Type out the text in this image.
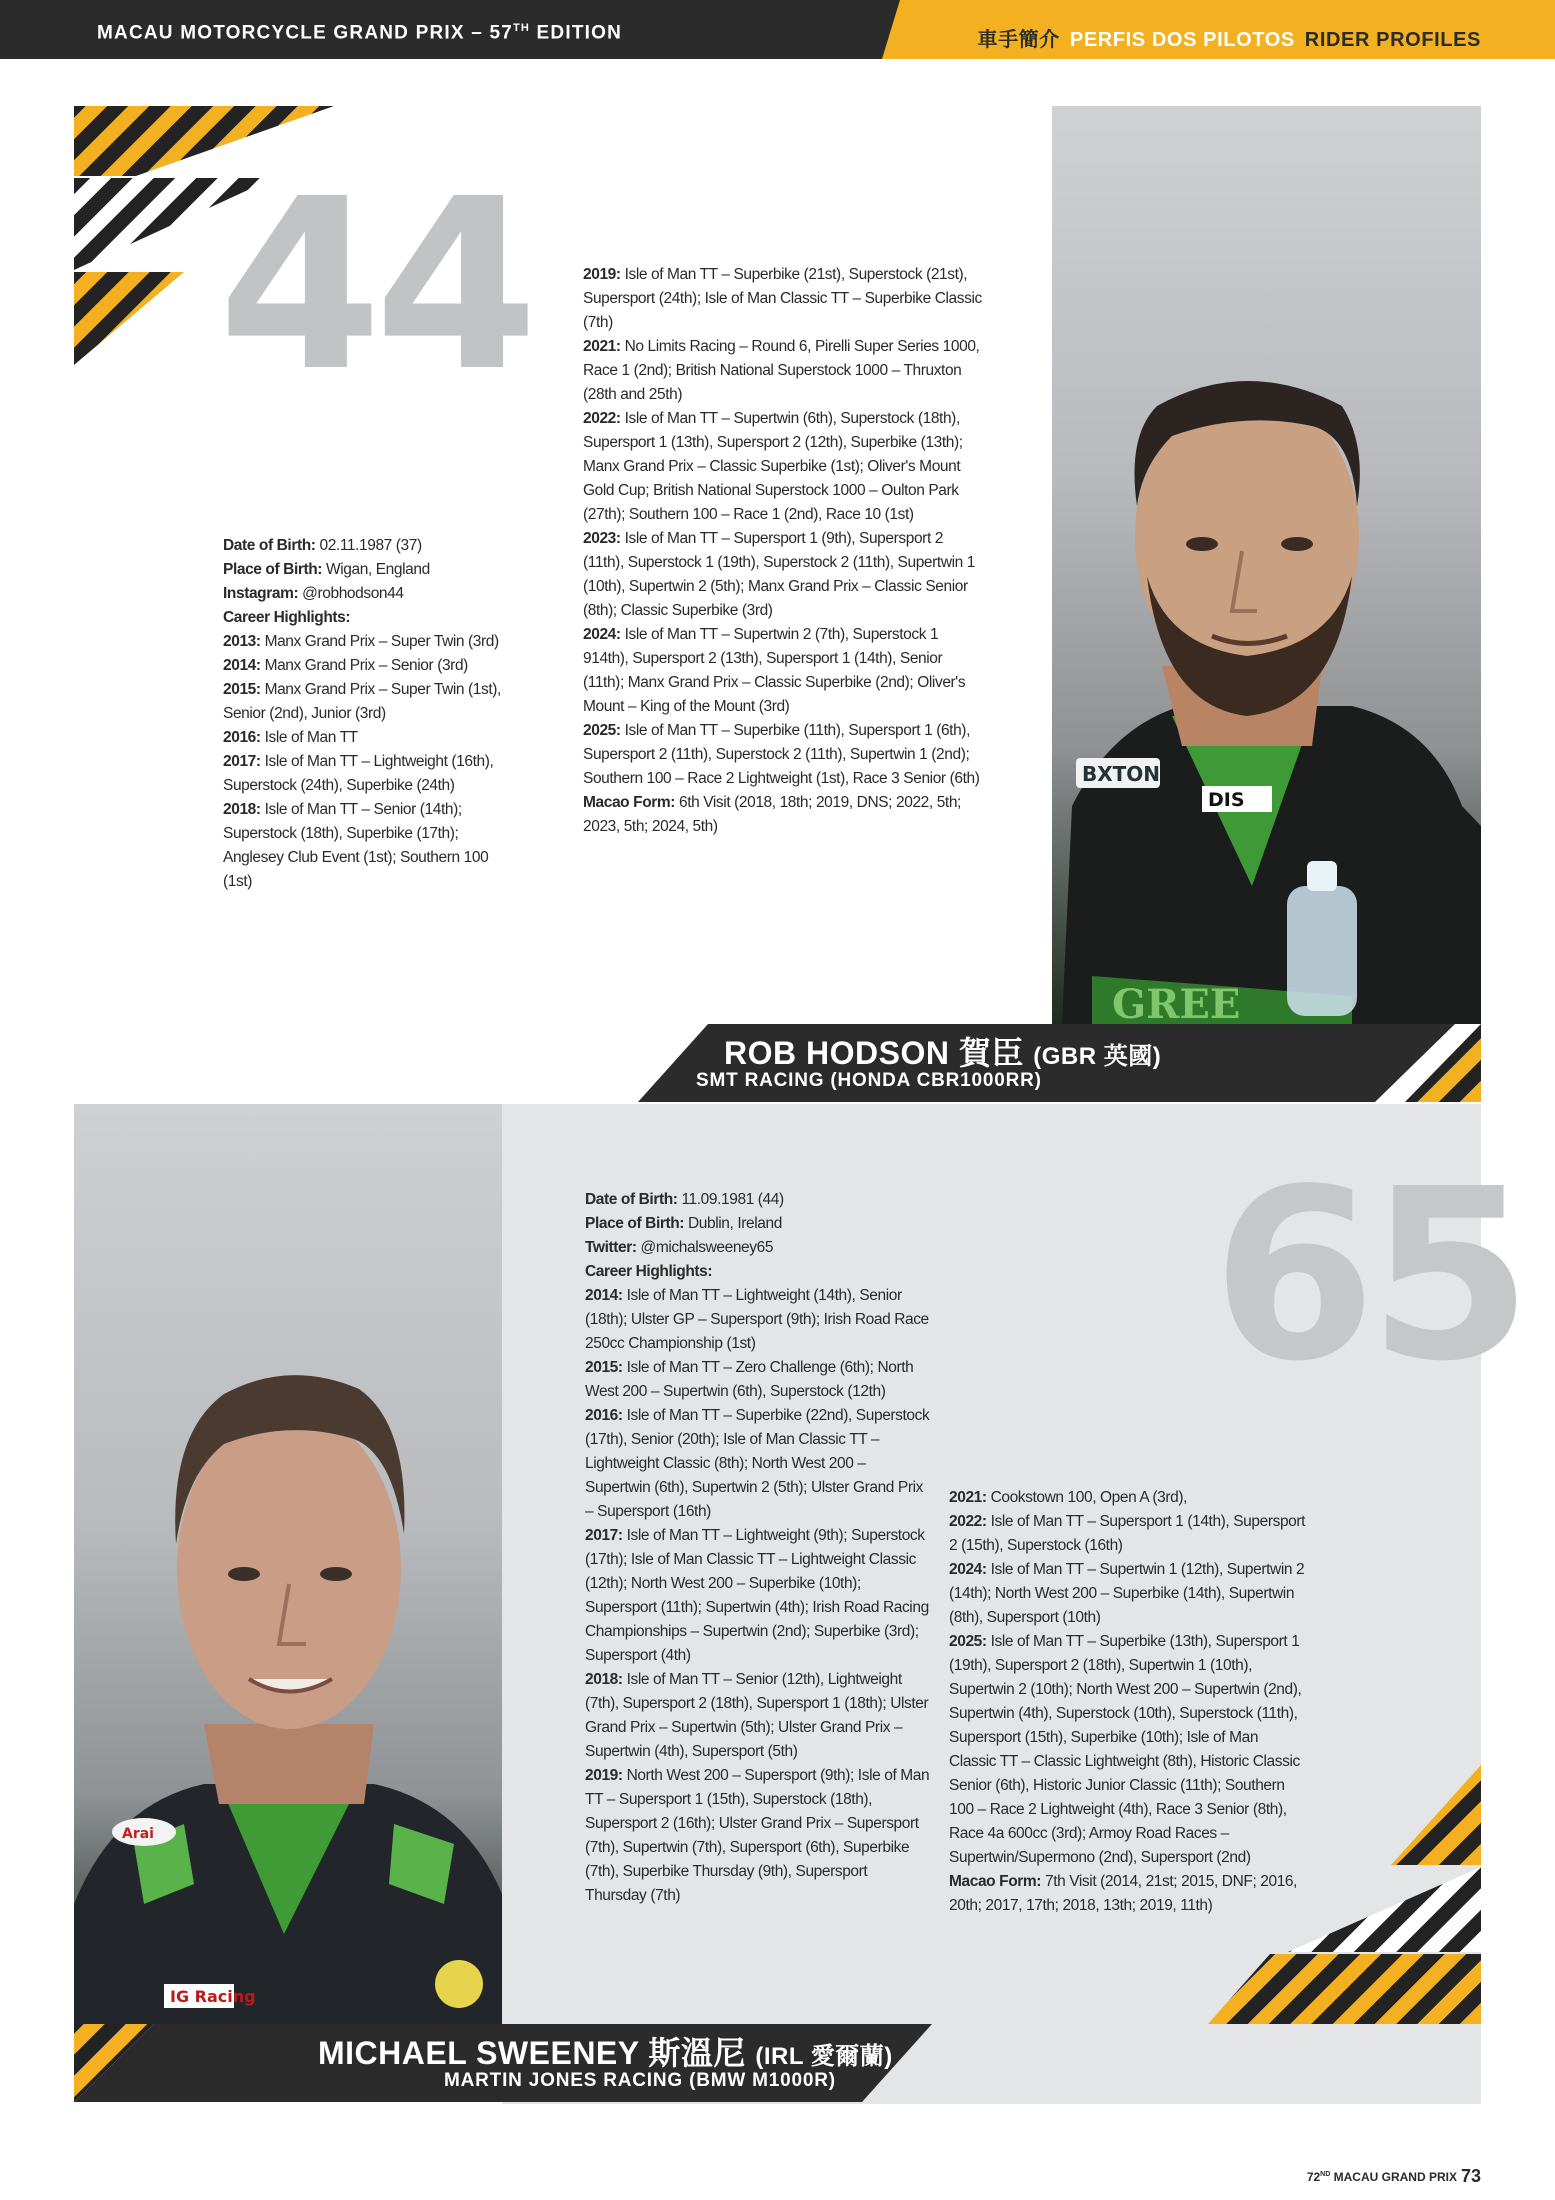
MACAU MOTORCYCLE GRAND PRIX – 57TH EDITION	車手簡介 PERFIS DOS PILOTOS RIDER PROFILES
44

Date of Birth: 02.11.1987 (37)

Place of Birth: Wigan, England

Instagram: @robhodson44

Career Highlights:

2013: Manx Grand Prix – Super Twin (3rd)

2014: Manx Grand Prix – Senior (3rd)

2015: Manx Grand Prix – Super Twin (1st), Senior (2nd), Junior (3rd)

2016: Isle of Man TT

2017: Isle of Man TT – Lightweight (16th), Superstock (24th), Superbike (24th)

2018: Isle of Man TT – Senior (14th); Superstock (18th), Superbike (17th); Anglesey Club Event (1st); Southern 100 (1st)

2019: Isle of Man TT – Superbike (21st), Superstock (21st), Supersport (24th); Isle of Man Classic TT – Superbike Classic (7th)

2021: No Limits Racing – Round 6, Pirelli Super Series 1000, Race 1 (2nd); British National Superstock 1000 – Thruxton (28th and 25th)

2022: Isle of Man TT – Supertwin (6th), Superstock (18th), Supersport 1 (13th), Supersport 2 (12th), Superbike (13th); Manx Grand Prix – Classic Superbike (1st); Oliver's Mount Gold Cup; British National Superstock 1000 – Oulton Park (27th); Southern 100 – Race 1 (2nd), Race 10 (1st)

2023: Isle of Man TT – Supersport 1 (9th), Supersport 2 (11th), Superstock 1 (19th), Superstock 2 (11th), Supertwin 1 (10th), Supertwin 2 (5th); Manx Grand Prix – Classic Senior (8th); Classic Superbike (3rd)

2024: Isle of Man TT – Supertwin 2 (7th), Superstock 1 914th), Supersport 2 (13th), Supersport 1 (14th), Senior (11th); Manx Grand Prix – Classic Superbike (2nd); Oliver's Mount – King of the Mount (3rd)

2025: Isle of Man TT – Superbike (11th), Supersport 1 (6th), Supersport 2 (11th), Superstock 2 (11th), Supertwin 1 (2nd); Southern 100 – Race 2 Lightweight (1st), Race 3 Senior (6th)

Macao Form: 6th Visit (2018, 18th; 2019, DNS; 2022, 5th; 2023, 5th; 2024, 5th)

GREE
BXTON
DIS
ROB HODSON 賀臣 (GBR 英國)
SMT RACING (HONDA CBR1000RR)
65
Arai
IG Racing

Date of Birth: 11.09.1981 (44)

Place of Birth: Dublin, Ireland

Twitter: @michalsweeney65

Career Highlights:

2014: Isle of Man TT – Lightweight (14th), Senior (18th); Ulster GP – Supersport (9th); Irish Road Race 250cc Championship (1st)

2015: Isle of Man TT – Zero Challenge (6th); North West 200 – Supertwin (6th), Superstock (12th)

2016: Isle of Man TT – Superbike (22nd), Superstock (17th), Senior (20th); Isle of Man Classic TT – Lightweight Classic (8th); North West 200 – Supertwin (6th), Supertwin 2 (5th); Ulster Grand Prix – Supersport (16th)

2017: Isle of Man TT – Lightweight (9th); Superstock (17th); Isle of Man Classic TT – Lightweight Classic (12th); North West 200 – Superbike (10th); Supersport (11th); Supertwin (4th); Irish Road Racing Championships – Supertwin (2nd); Superbike (3rd); Supersport (4th)

2018: Isle of Man TT – Senior (12th), Lightweight (7th), Supersport 2 (18th), Supersport 1 (18th); Ulster Grand Prix – Supertwin (5th); Ulster Grand Prix – Supertwin (4th), Supersport (5th)

2019: North West 200 – Supersport (9th); Isle of Man TT – Supersport 1 (15th), Superstock (18th), Supersport 2 (16th); Ulster Grand Prix – Supersport (7th), Supertwin (7th), Supersport (6th), Superbike (7th), Superbike Thursday (9th), Supersport Thursday (7th)

2021: Cookstown 100, Open A (3rd),

2022: Isle of Man TT – Supersport 1 (14th), Supersport 2 (15th), Superstock (16th)

2024: Isle of Man TT – Supertwin 1 (12th), Supertwin 2 (14th); North West 200 – Superbike (14th), Supertwin (8th), Supersport (10th)

2025: Isle of Man TT – Superbike (13th), Supersport 1 (19th), Supersport 2 (18th), Supertwin 1 (10th), Supertwin 2 (10th); North West 200 – Supertwin (2nd), Supertwin (4th), Superstock (10th), Superstock (11th), Supersport (15th), Superbike (10th); Isle of Man Classic TT – Classic Lightweight (8th), Historic Classic Senior (6th), Historic Junior Classic (11th); Southern 100 – Race 2 Lightweight (4th), Race 3 Senior (8th), Race 4a 600cc (3rd); Armoy Road Races – Supertwin/Supermono (2nd), Supersport (2nd)

Macao Form: 7th Visit (2014, 21st; 2015, DNF; 2016, 20th; 2017, 17th; 2018, 13th; 2019, 11th)

MICHAEL SWEENEY 斯溫尼 (IRL 愛爾蘭)
MARTIN JONES RACING (BMW M1000R)
72ND MACAU GRAND PRIX 73
